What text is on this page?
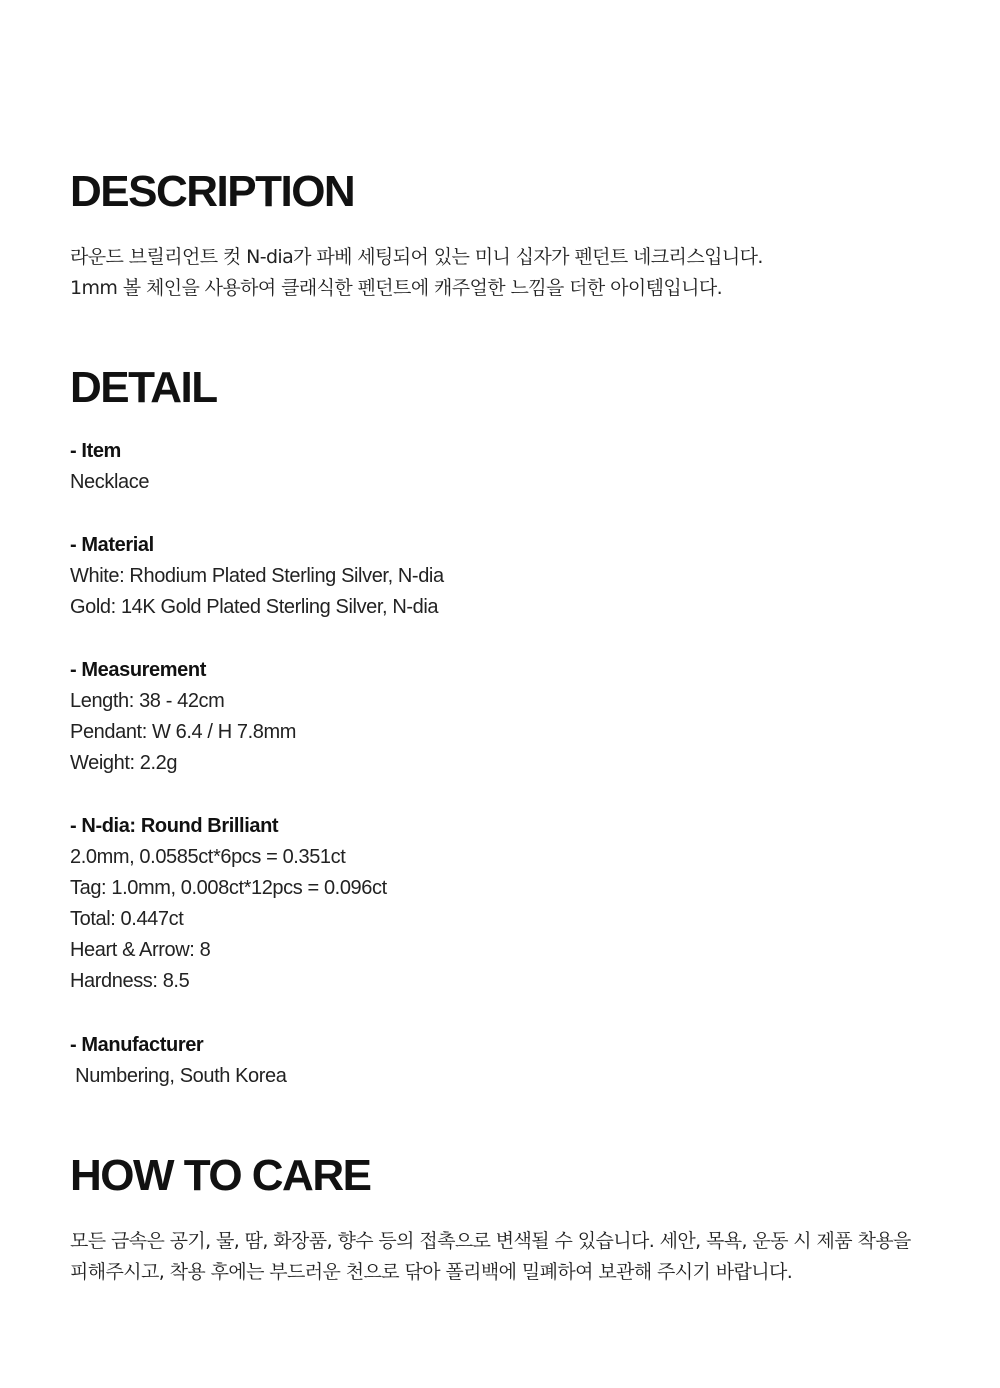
DESCRIPTION
라운드 브릴리언트 컷 N-dia가 파베 세팅되어 있는 미니 십자가 펜던트 네크리스입니다.
1mm 볼 체인을 사용하여 클래식한 펜던트에 캐주얼한 느낌을 더한 아이템입니다.
DETAIL
- Item
Necklace
- Material
White: Rhodium Plated Sterling Silver, N-dia
Gold: 14K Gold Plated Sterling Silver, N-dia
- Measurement
Length: 38 - 42cm
Pendant: W 6.4 / H 7.8mm
Weight: 2.2g
- N-dia: Round Brilliant
2.0mm, 0.0585ct*6pcs = 0.351ct
Tag: 1.0mm, 0.008ct*12pcs = 0.096ct
Total: 0.447ct
Heart & Arrow: 8
Hardness: 8.5
- Manufacturer
Numbering, South Korea
HOW TO CARE
모든 금속은 공기, 물, 땀, 화장품, 향수 등의 접촉으로 변색될 수 있습니다. 세안, 목욕, 운동 시 제품 착용을
피해주시고, 착용 후에는 부드러운 천으로 닦아 폴리백에 밀폐하여 보관해 주시기 바랍니다.
